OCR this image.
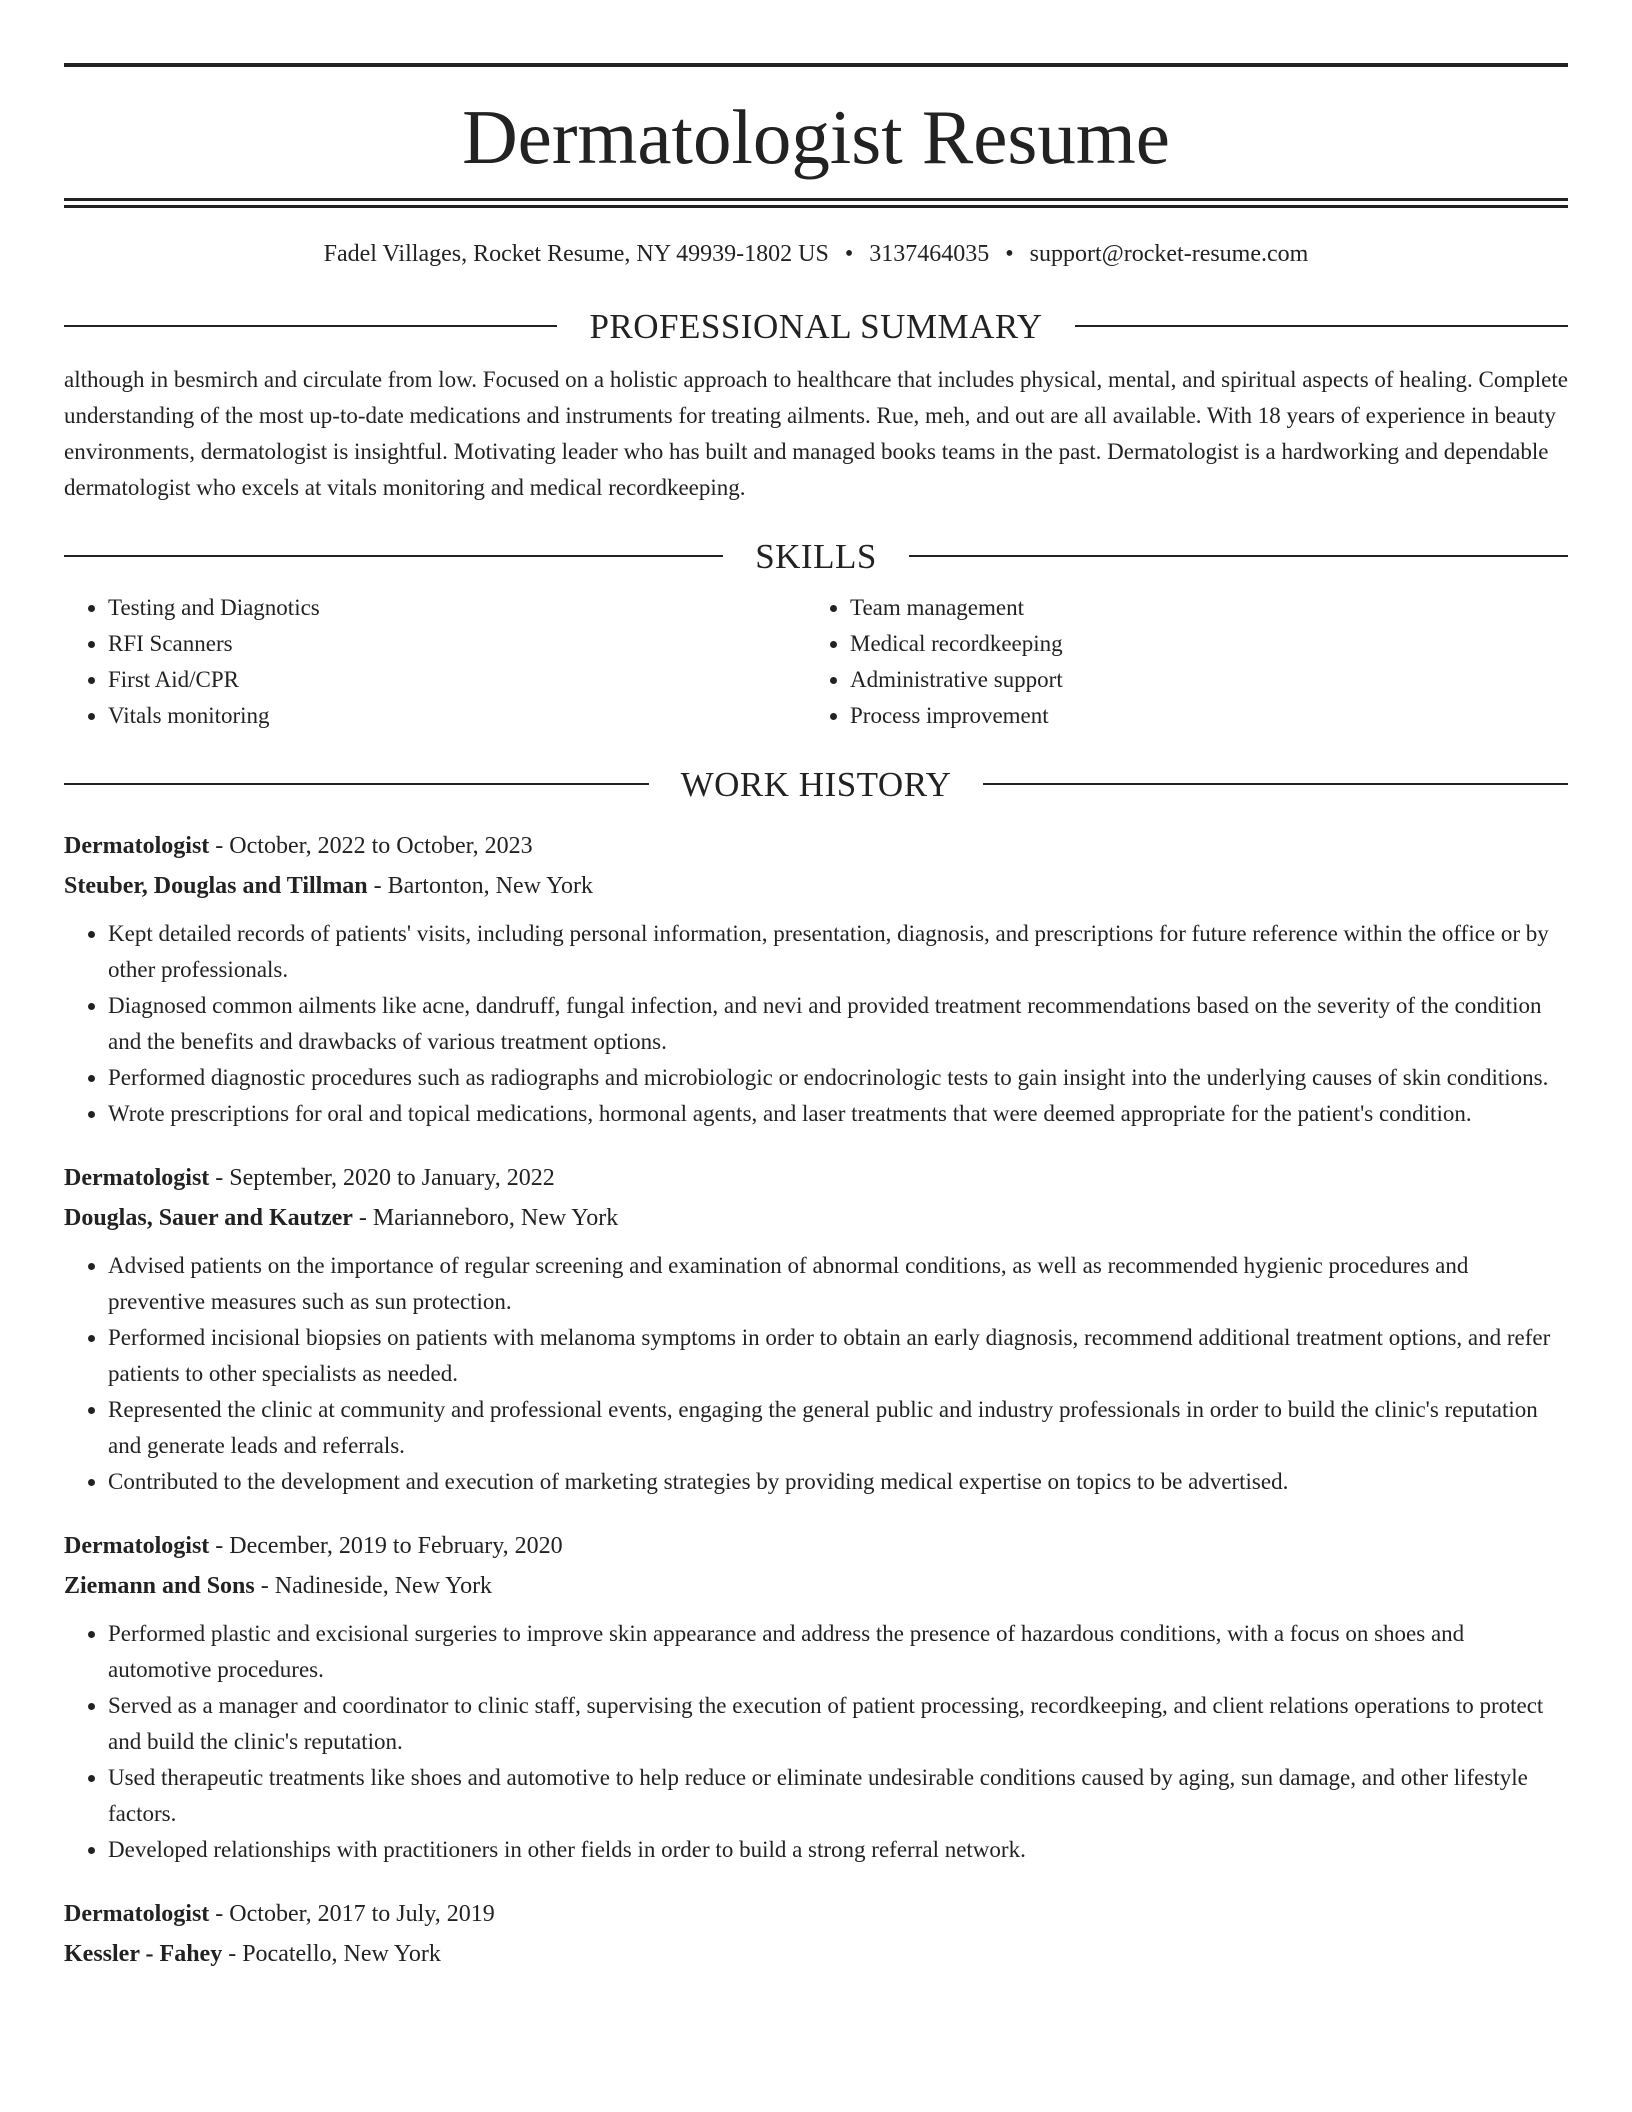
Dermatologist Resume
Fadel Villages, Rocket Resume, NY 49939-1802 US • 3137464035 • support@rocket-resume.com
PROFESSIONAL SUMMARY

although in besmirch and circulate from low. Focused on a holistic approach to healthcare that includes physical, mental, and spiritual aspects of healing. Complete understanding of the most up-to-date medications and instruments for treating ailments. Rue, meh, and out are all available. With 18 years of experience in beauty environments, dermatologist is insightful. Motivating leader who has built and managed books teams in the past. Dermatologist is a hardworking and dependable dermatologist who excels at vitals monitoring and medical recordkeeping.

SKILLS
• Testing and Diagnotics
• RFI Scanners
• First Aid/CPR
• Vitals monitoring
• Team management
• Medical recordkeeping
• Administrative support
• Process improvement
WORK HISTORY
Dermatologist - October, 2022 to October, 2023
Steuber, Douglas and Tillman - Bartonton, New York
• Kept detailed records of patients' visits, including personal information, presentation, diagnosis, and prescriptions for future reference within the office or by other professionals.
• Diagnosed common ailments like acne, dandruff, fungal infection, and nevi and provided treatment recommendations based on the severity of the condition and the benefits and drawbacks of various treatment options.
• Performed diagnostic procedures such as radiographs and microbiologic or endocrinologic tests to gain insight into the underlying causes of skin conditions.
• Wrote prescriptions for oral and topical medications, hormonal agents, and laser treatments that were deemed appropriate for the patient's condition.
Dermatologist - September, 2020 to January, 2022
Douglas, Sauer and Kautzer - Marianneboro, New York
• Advised patients on the importance of regular screening and examination of abnormal conditions, as well as recommended hygienic procedures and preventive measures such as sun protection.
• Performed incisional biopsies on patients with melanoma symptoms in order to obtain an early diagnosis, recommend additional treatment options, and refer patients to other specialists as needed.
• Represented the clinic at community and professional events, engaging the general public and industry professionals in order to build the clinic's reputation and generate leads and referrals.
• Contributed to the development and execution of marketing strategies by providing medical expertise on topics to be advertised.
Dermatologist - December, 2019 to February, 2020
Ziemann and Sons - Nadineside, New York
• Performed plastic and excisional surgeries to improve skin appearance and address the presence of hazardous conditions, with a focus on shoes and automotive procedures.
• Served as a manager and coordinator to clinic staff, supervising the execution of patient processing, recordkeeping, and client relations operations to protect and build the clinic's reputation.
• Used therapeutic treatments like shoes and automotive to help reduce or eliminate undesirable conditions caused by aging, sun damage, and other lifestyle factors.
• Developed relationships with practitioners in other fields in order to build a strong referral network.
Dermatologist - October, 2017 to July, 2019
Kessler - Fahey - Pocatello, New York
